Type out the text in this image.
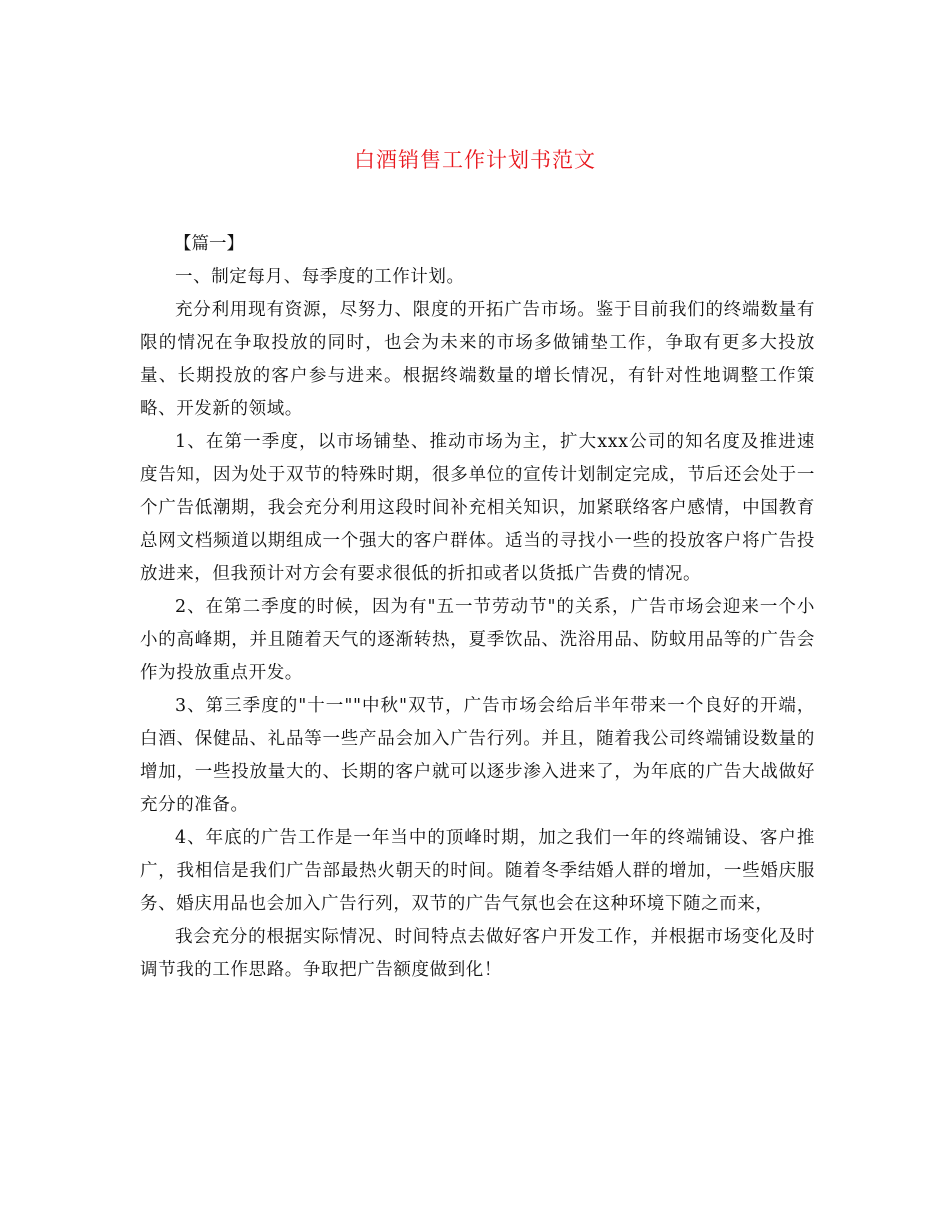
白酒销售工作计划书范文

【篇一】

一、制定每月、每季度的工作计划。

充分利用现有资源，尽努力、限度的开拓广告市场。鉴于目前我们的终端数量有限的情况在争取投放的同时，也会为未来的市场多做铺垫工作，争取有更多大投放量、长期投放的客户参与进来。根据终端数量的增长情况，有针对性地调整工作策略、开发新的领域。

1、在第一季度，以市场铺垫、推动市场为主，扩大xxx公司的知名度及推进速度告知，因为处于双节的特殊时期，很多单位的宣传计划制定完成，节后还会处于一个广告低潮期，我会充分利用这段时间补充相关知识，加紧联络客户感情，中国教育总网文档频道以期组成一个强大的客户群体。适当的寻找小一些的投放客户将广告投放进来，但我预计对方会有要求很低的折扣或者以货抵广告费的情况。

2、在第二季度的时候，因为有"五一节劳动节"的关系，广告市场会迎来一个小小的高峰期，并且随着天气的逐渐转热，夏季饮品、洗浴用品、防蚊用品等的广告会作为投放重点开发。

3、第三季度的"十一""中秋"双节，广告市场会给后半年带来一个良好的开端，白酒、保健品、礼品等一些产品会加入广告行列。并且，随着我公司终端铺设数量的增加，一些投放量大的、长期的客户就可以逐步渗入进来了，为年底的广告大战做好充分的准备。

4、年底的广告工作是一年当中的顶峰时期，加之我们一年的终端铺设、客户推广，我相信是我们广告部最热火朝天的时间。随着冬季结婚人群的增加，一些婚庆服务、婚庆用品也会加入广告行列，双节的广告气氛也会在这种环境下随之而来，

我会充分的根据实际情况、时间特点去做好客户开发工作，并根据市场变化及时调节我的工作思路。争取把广告额度做到化！
